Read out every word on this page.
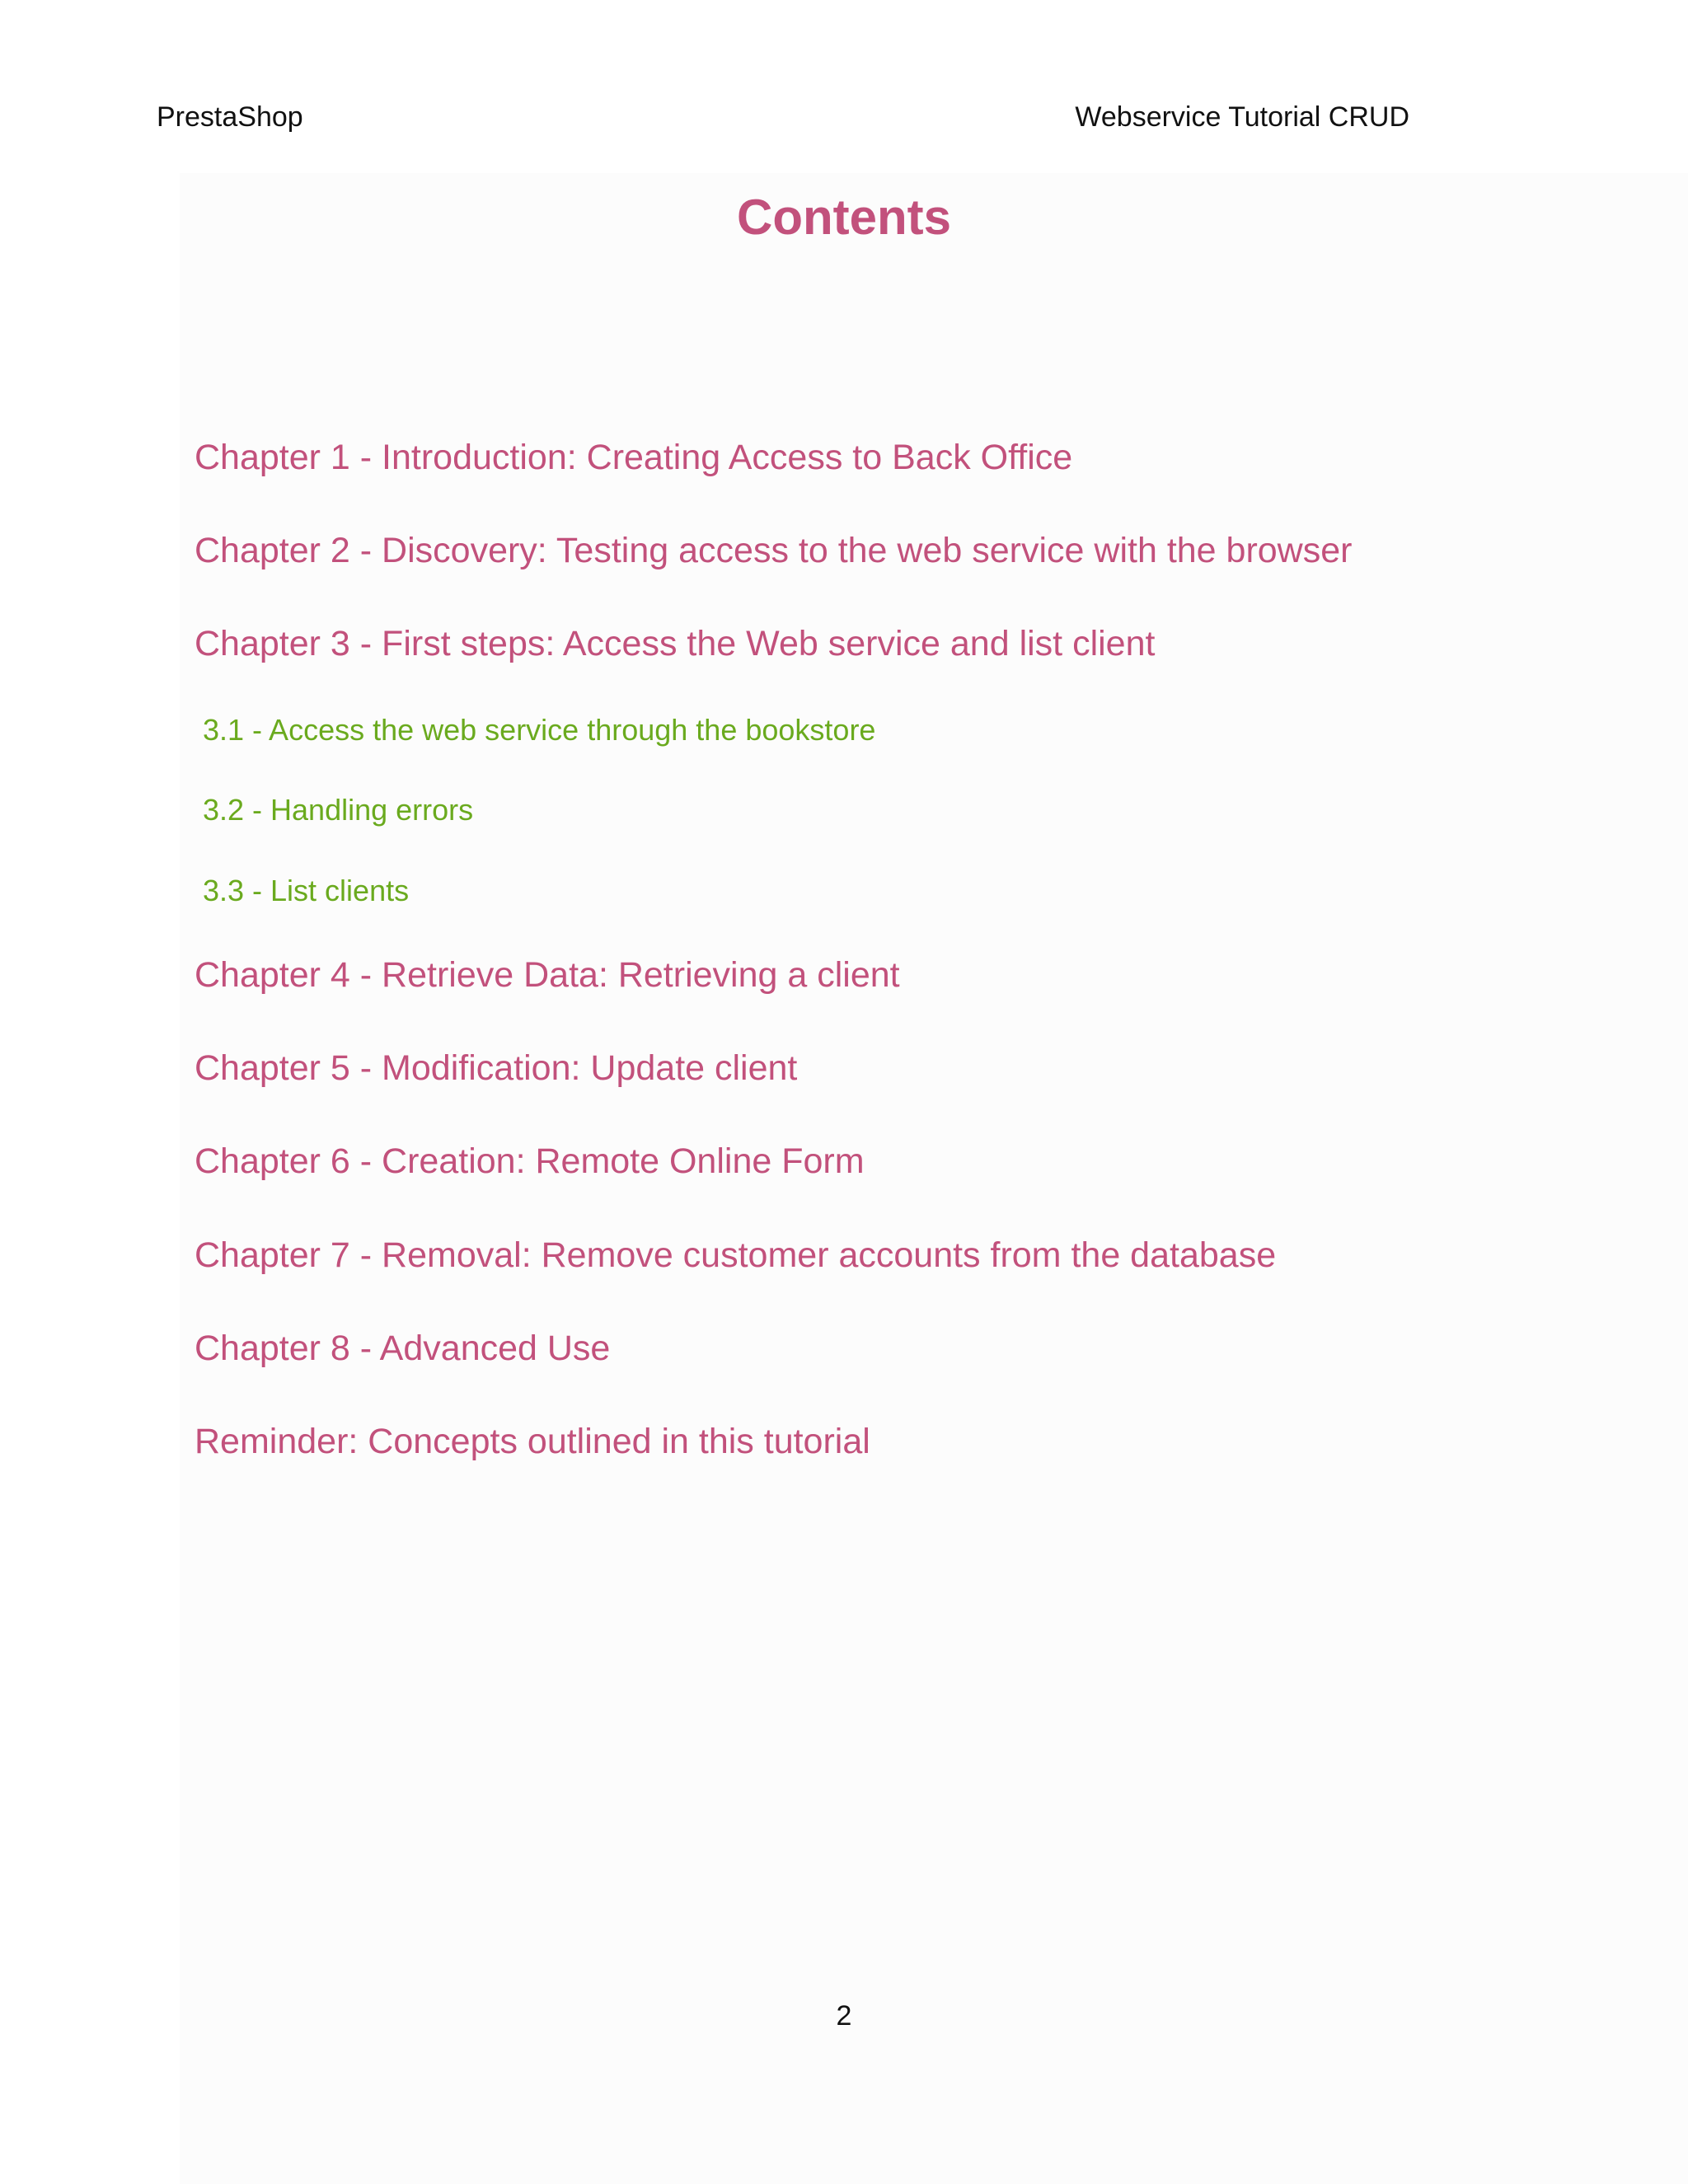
PrestaShop	Webservice Tutorial CRUD
Contents
Chapter 1 - Introduction: Creating Access to Back Office
Chapter 2 - Discovery: Testing access to the web service with the browser
Chapter 3 - First steps: Access the Web service and list client
3.1 - Access the web service through the bookstore
3.2 - Handling errors
3.3 - List clients
Chapter 4 - Retrieve Data: Retrieving a client
Chapter 5 - Modification: Update client
Chapter 6 - Creation: Remote Online Form
Chapter 7 - Removal: Remove customer accounts from the database
Chapter 8 - Advanced Use
Reminder: Concepts outlined in this tutorial
2
